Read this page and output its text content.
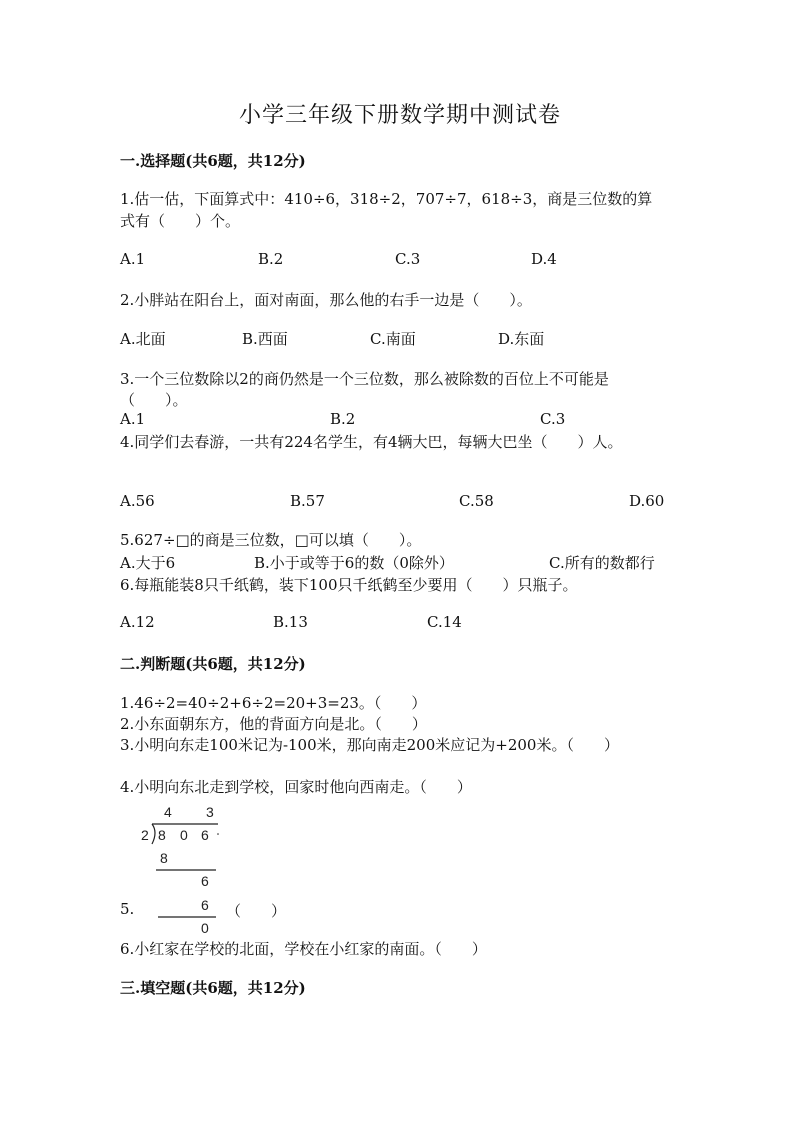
小学三年级下册数学期中测试卷
一.选择题(共6题，共12分)
1.估一估，下面算式中：410÷6，318÷2，707÷7，618÷3，商是三位数的算
式有（　　）个。
A.1	B.2	C.3	D.4
2.小胖站在阳台上，面对南面，那么他的右手一边是（　　）。
A.北面	B.西面	C.南面	D.东面
3.一个三位数除以2的商仍然是一个三位数，那么被除数的百位上不可能是
（　　）。
A.1	B.2	C.3
4.同学们去春游，一共有224名学生，有4辆大巴，每辆大巴坐（　　）人。
A.56	B.57	C.58	D.60
5.627÷□的商是三位数，□可以填（　　）。
A.大于6	B.小于或等于6的数（0除外）	C.所有的数都行
6.每瓶能装8只千纸鹤，装下100只千纸鹤至少要用（　　）只瓶子。
A.12	B.13	C.14
二.判断题(共6题，共12分)
1.46÷2=40÷2+6÷2=20+3=23。（　　）
2.小东面朝东方，他的背面方向是北。（　　）
3.小明向东走100米记为-100米，那向南走200米应记为+200米。（　　）
4.小明向东北走到学校，回家时他向西南走。（　　）
4 3
2 8 0 6
8
6
6
0
5.	（　　）
6.小红家在学校的北面，学校在小红家的南面。（　　）
三.填空题(共6题，共12分)
